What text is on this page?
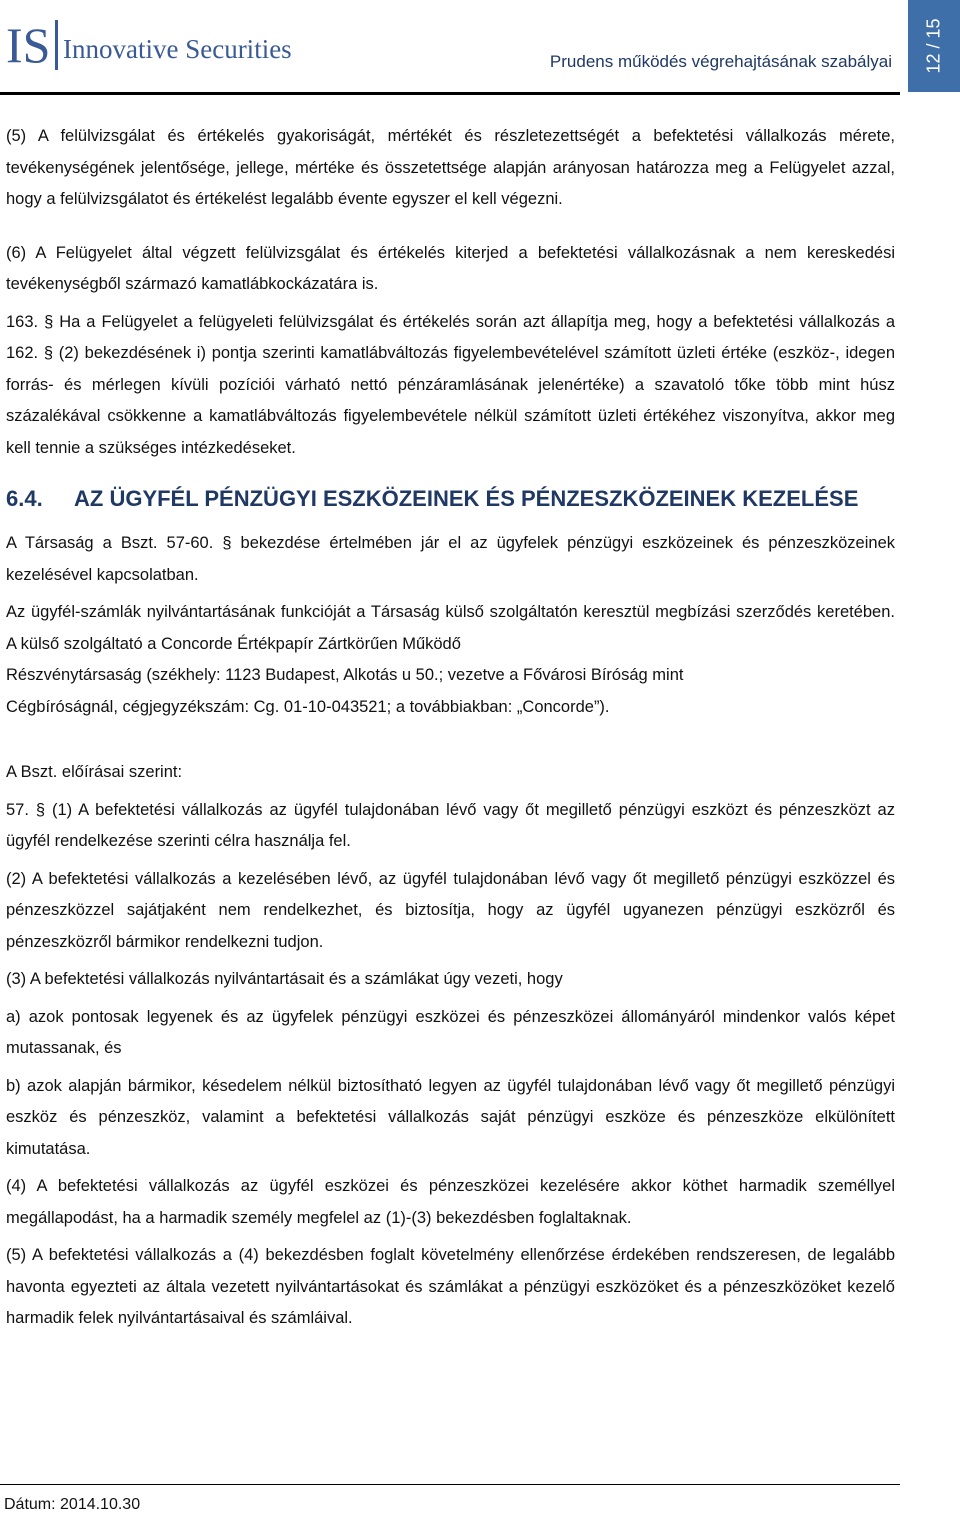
IS Innovative Securities	Prudens működés végrehajtásának szabályai 12 / 15

(5) A felülvizsgálat és értékelés gyakoriságát, mértékét és részletezettségét a befektetési vállalkozás mérete, tevékenységének jelentősége, jellege, mértéke és összetettsége alapján arányosan határozza meg a Felügyelet azzal, hogy a felülvizsgálatot és értékelést legalább évente egyszer el kell végezni.

(6) A Felügyelet által végzett felülvizsgálat és értékelés kiterjed a befektetési vállalkozásnak a nem kereskedési tevékenységből származó kamatlábkockázatára is.

163. § Ha a Felügyelet a felügyeleti felülvizsgálat és értékelés során azt állapítja meg, hogy a befektetési vállalkozás a 162. § (2) bekezdésének i) pontja szerinti kamatlábváltozás figyelembevételével számított üzleti értéke (eszköz-, idegen forrás- és mérlegen kívüli pozíciói várható nettó pénzáramlásának jelenértéke) a szavatoló tőke több mint húsz százalékával csökkenne a kamatlábváltozás figyelembevétele nélkül számított üzleti értékéhez viszonyítva, akkor meg kell tennie a szükséges intézkedéseket.

6.4.	AZ ÜGYFÉL PÉNZÜGYI ESZKÖZEINEK ÉS PÉNZESZKÖZEINEK KEZELÉSE

A Társaság a Bszt. 57-60. § bekezdése értelmében jár el az ügyfelek pénzügyi eszközeinek és pénzeszközeinek kezelésével kapcsolatban.

Az ügyfél-számlák nyilvántartásának funkcióját a Társaság külső szolgáltatón keresztül megbízási szerződés keretében. A külső szolgáltató a Concorde Értékpapír Zártkörűen Működő

Részvénytársaság (székhely: 1123 Budapest, Alkotás u 50.; vezetve a Fővárosi Bíróság mint

Cégbíróságnál, cégjegyzékszám: Cg. 01-10-043521; a továbbiakban: „Concorde”).

A Bszt. előírásai szerint:

57. § (1) A befektetési vállalkozás az ügyfél tulajdonában lévő vagy őt megillető pénzügyi eszközt és pénzeszközt az ügyfél rendelkezése szerinti célra használja fel.

(2) A befektetési vállalkozás a kezelésében lévő, az ügyfél tulajdonában lévő vagy őt megillető pénzügyi eszközzel és pénzeszközzel sajátjaként nem rendelkezhet, és biztosítja, hogy az ügyfél ugyanezen pénzügyi eszközről és pénzeszközről bármikor rendelkezni tudjon.

(3) A befektetési vállalkozás nyilvántartásait és a számlákat úgy vezeti, hogy

a) azok pontosak legyenek és az ügyfelek pénzügyi eszközei és pénzeszközei állományáról mindenkor valós képet mutassanak, és

b) azok alapján bármikor, késedelem nélkül biztosítható legyen az ügyfél tulajdonában lévő vagy őt megillető pénzügyi eszköz és pénzeszköz, valamint a befektetési vállalkozás saját pénzügyi eszköze és pénzeszköze elkülönített kimutatása.

(4) A befektetési vállalkozás az ügyfél eszközei és pénzeszközei kezelésére akkor köthet harmadik személlyel megállapodást, ha a harmadik személy megfelel az (1)-(3) bekezdésben foglaltaknak.

(5) A befektetési vállalkozás a (4) bekezdésben foglalt követelmény ellenőrzése érdekében rendszeresen, de legalább havonta egyezteti az általa vezetett nyilvántartásokat és számlákat a pénzügyi eszközöket és a pénzeszközöket kezelő harmadik felek nyilvántartásaival és számláival.

Dátum: 2014.10.30
